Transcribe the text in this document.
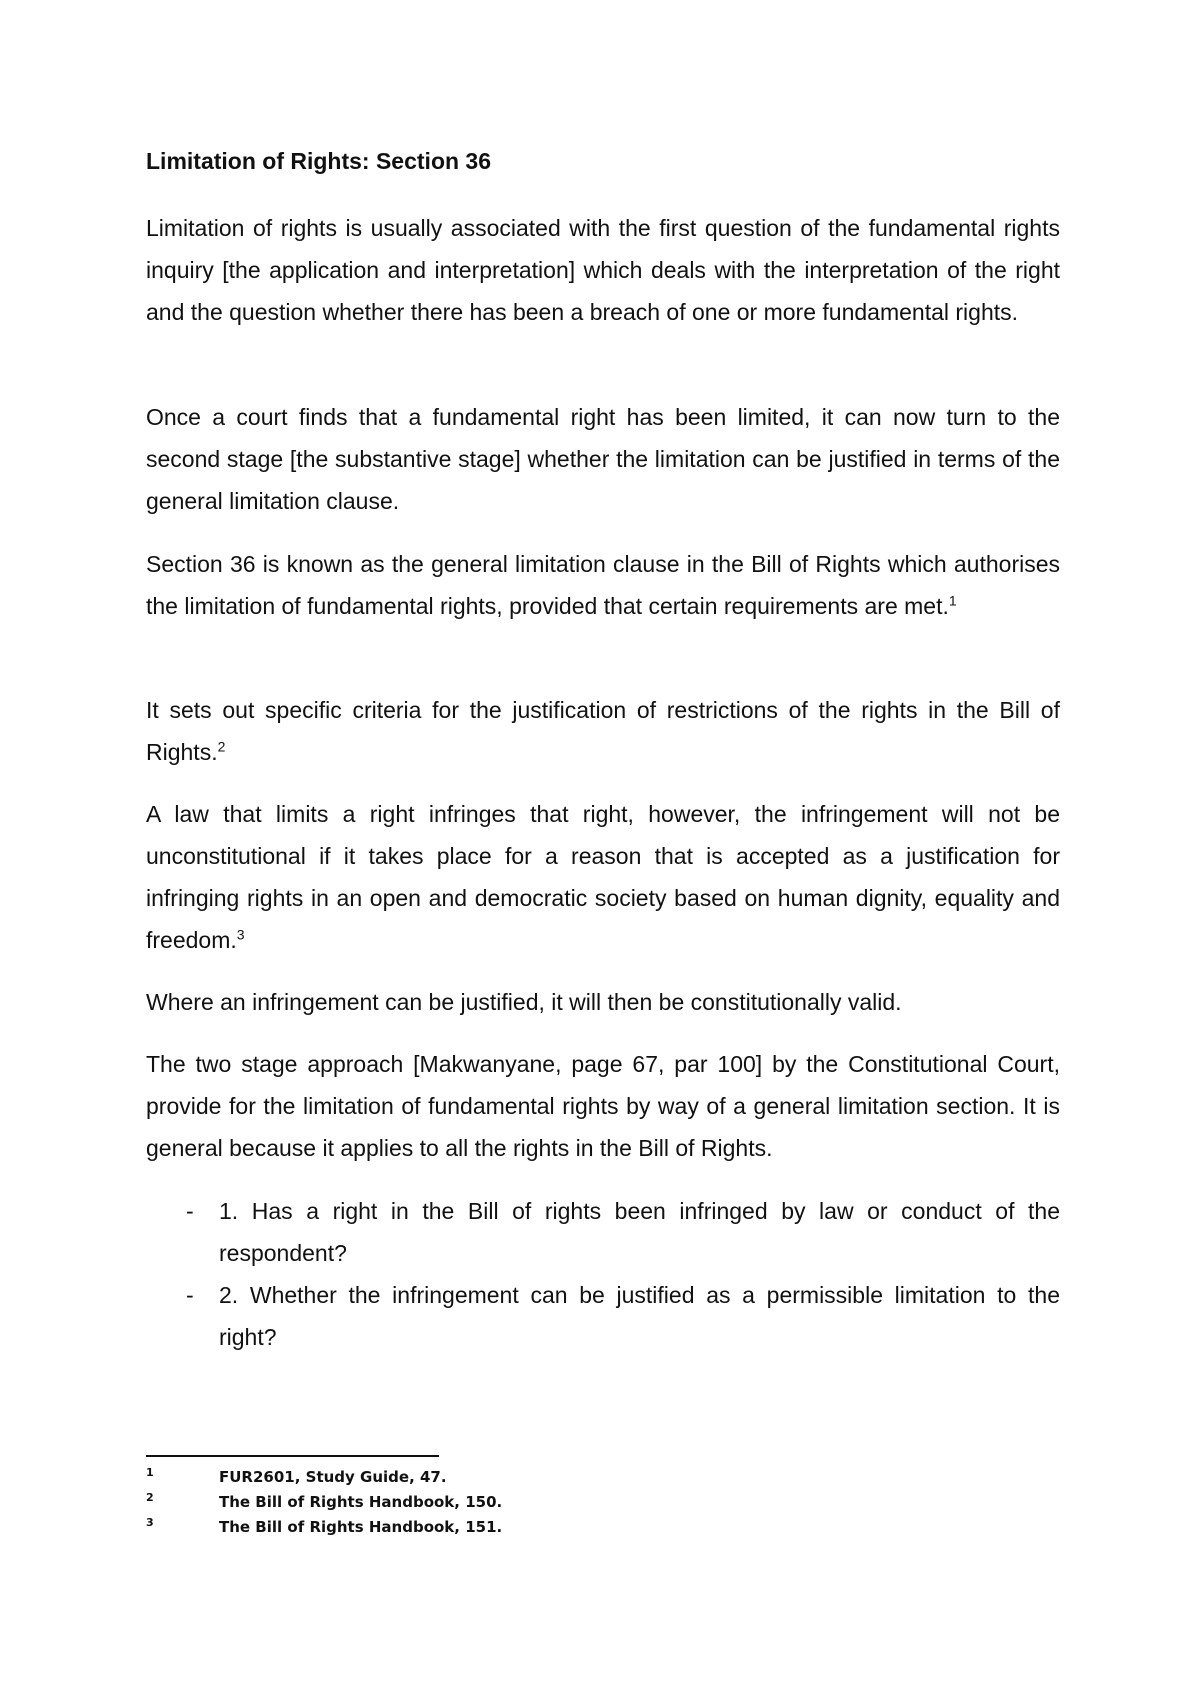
Limitation of Rights: Section 36

Limitation of rights is usually associated with the first question of the fundamental rights inquiry [the application and interpretation] which deals with the interpretation of the right and the question whether there has been a breach of one or more fundamental rights.

Once a court finds that a fundamental right has been limited, it can now turn to the second stage [the substantive stage] whether the limitation can be justified in terms of the general limitation clause.

Section 36 is known as the general limitation clause in the Bill of Rights which authorises the limitation of fundamental rights, provided that certain requirements are met.$^1$

It sets out specific criteria for the justification of restrictions of the rights in the Bill of Rights.$^2$

A law that limits a right infringes that right, however, the infringement will not be unconstitutional if it takes place for a reason that is accepted as a justification for infringing rights in an open and democratic society based on human dignity, equality and freedom.$^3$

Where an infringement can be justified, it will then be constitutionally valid.

The two stage approach [Makwanyane, page 67, par 100] by the Constitutional Court, provide for the limitation of fundamental rights by way of a general limitation section. It is general because it applies to all the rights in the Bill of Rights.

- 1. Has a right in the Bill of rights been infringed by law or conduct of the respondent?
- 2. Whether the infringement can be justified as a permissible limitation to the right?
1	FUR2601, Study Guide, 47.
2	The Bill of Rights Handbook, 150.
3	The Bill of Rights Handbook, 151.
